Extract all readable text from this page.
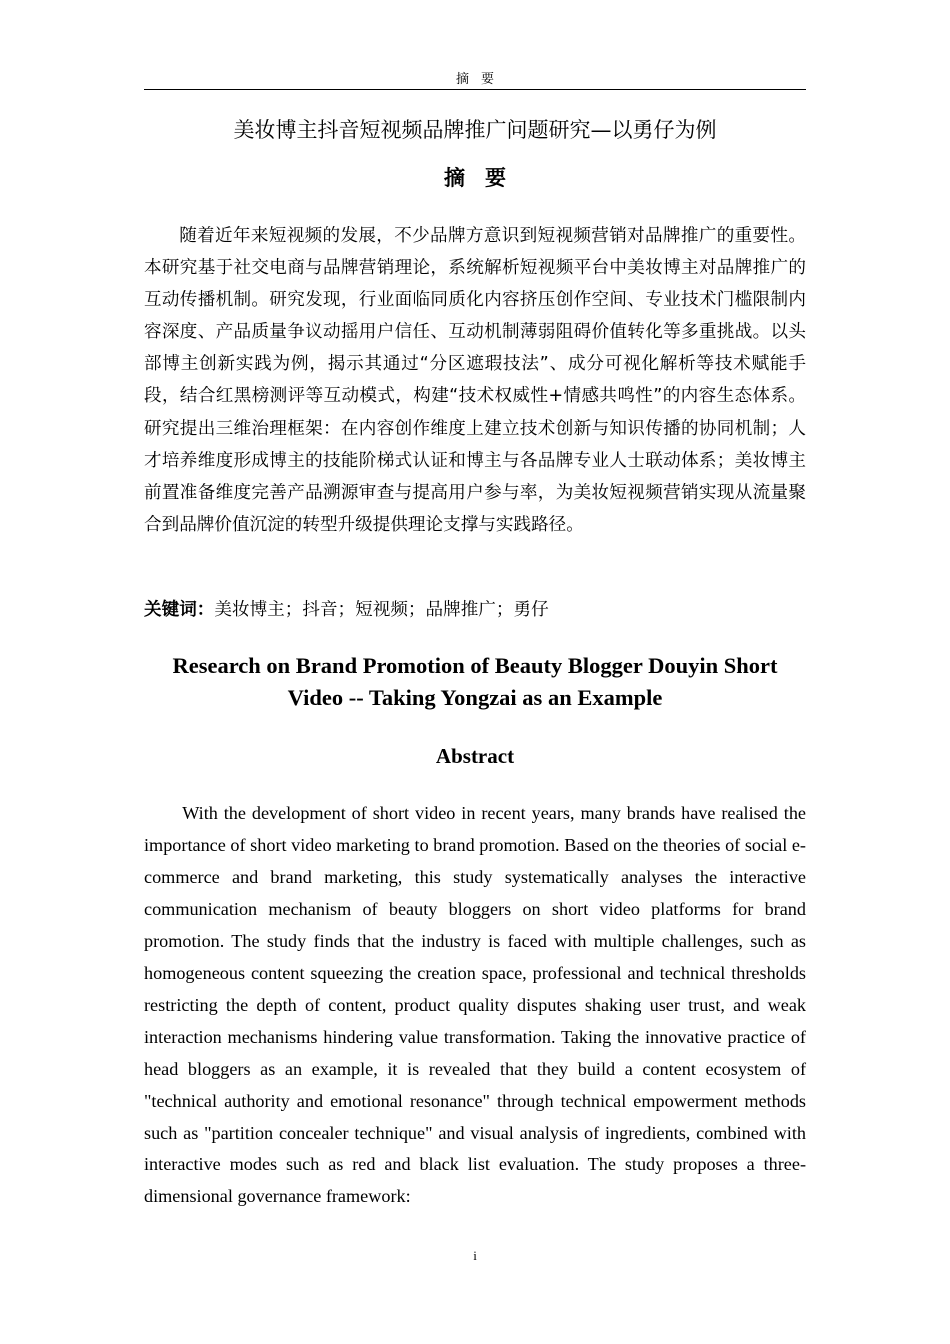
摘要
美妆博主抖音短视频品牌推广问题研究—以勇仔为例
摘要

随着近年来短视频的发展，不少品牌方意识到短视频营销对品牌推广的重要性。本研究基于社交电商与品牌营销理论，系统解析短视频平台中美妆博主对品牌推广的互动传播机制。研究发现，行业面临同质化内容挤压创作空间、专业技术门槛限制内容深度、产品质量争议动摇用户信任、互动机制薄弱阻碍价值转化等多重挑战。以头部博主创新实践为例，揭示其通过“分区遮瑕技法”、成分可视化解析等技术赋能手段，结合红黑榜测评等互动模式，构建“技术权威性+情感共鸣性”的内容生态体系。研究提出三维治理框架：在内容创作维度上建立技术创新与知识传播的协同机制；人才培养维度形成博主的技能阶梯式认证和博主与各品牌专业人士联动体系；美妆博主前置准备维度完善产品溯源审查与提高用户参与率，为美妆短视频营销实现从流量聚合到品牌价值沉淀的转型升级提供理论支撑与实践路径。

关键词：美妆博主；抖音；短视频；品牌推广；勇仔
Research on Brand Promotion of Beauty Blogger Douyin Short Video -- Taking Yongzai as an Example
Abstract

With the development of short video in recent years, many brands have realised the importance of short video marketing to brand promotion. Based on the theories of social e-commerce and brand marketing, this study systematically analyses the interactive communication mechanism of beauty bloggers on short video platforms for brand promotion. The study finds that the industry is faced with multiple challenges, such as homogeneous content squeezing the creation space, professional and technical thresholds restricting the depth of content, product quality disputes shaking user trust, and weak interaction mechanisms hindering value transformation. Taking the innovative practice of head bloggers as an example, it is revealed that they build a content ecosystem of "technical authority and emotional resonance" through technical empowerment methods such as "partition concealer technique" and visual analysis of ingredients, combined with interactive modes such as red and black list evaluation. The study proposes a three-dimensional governance framework:

i
